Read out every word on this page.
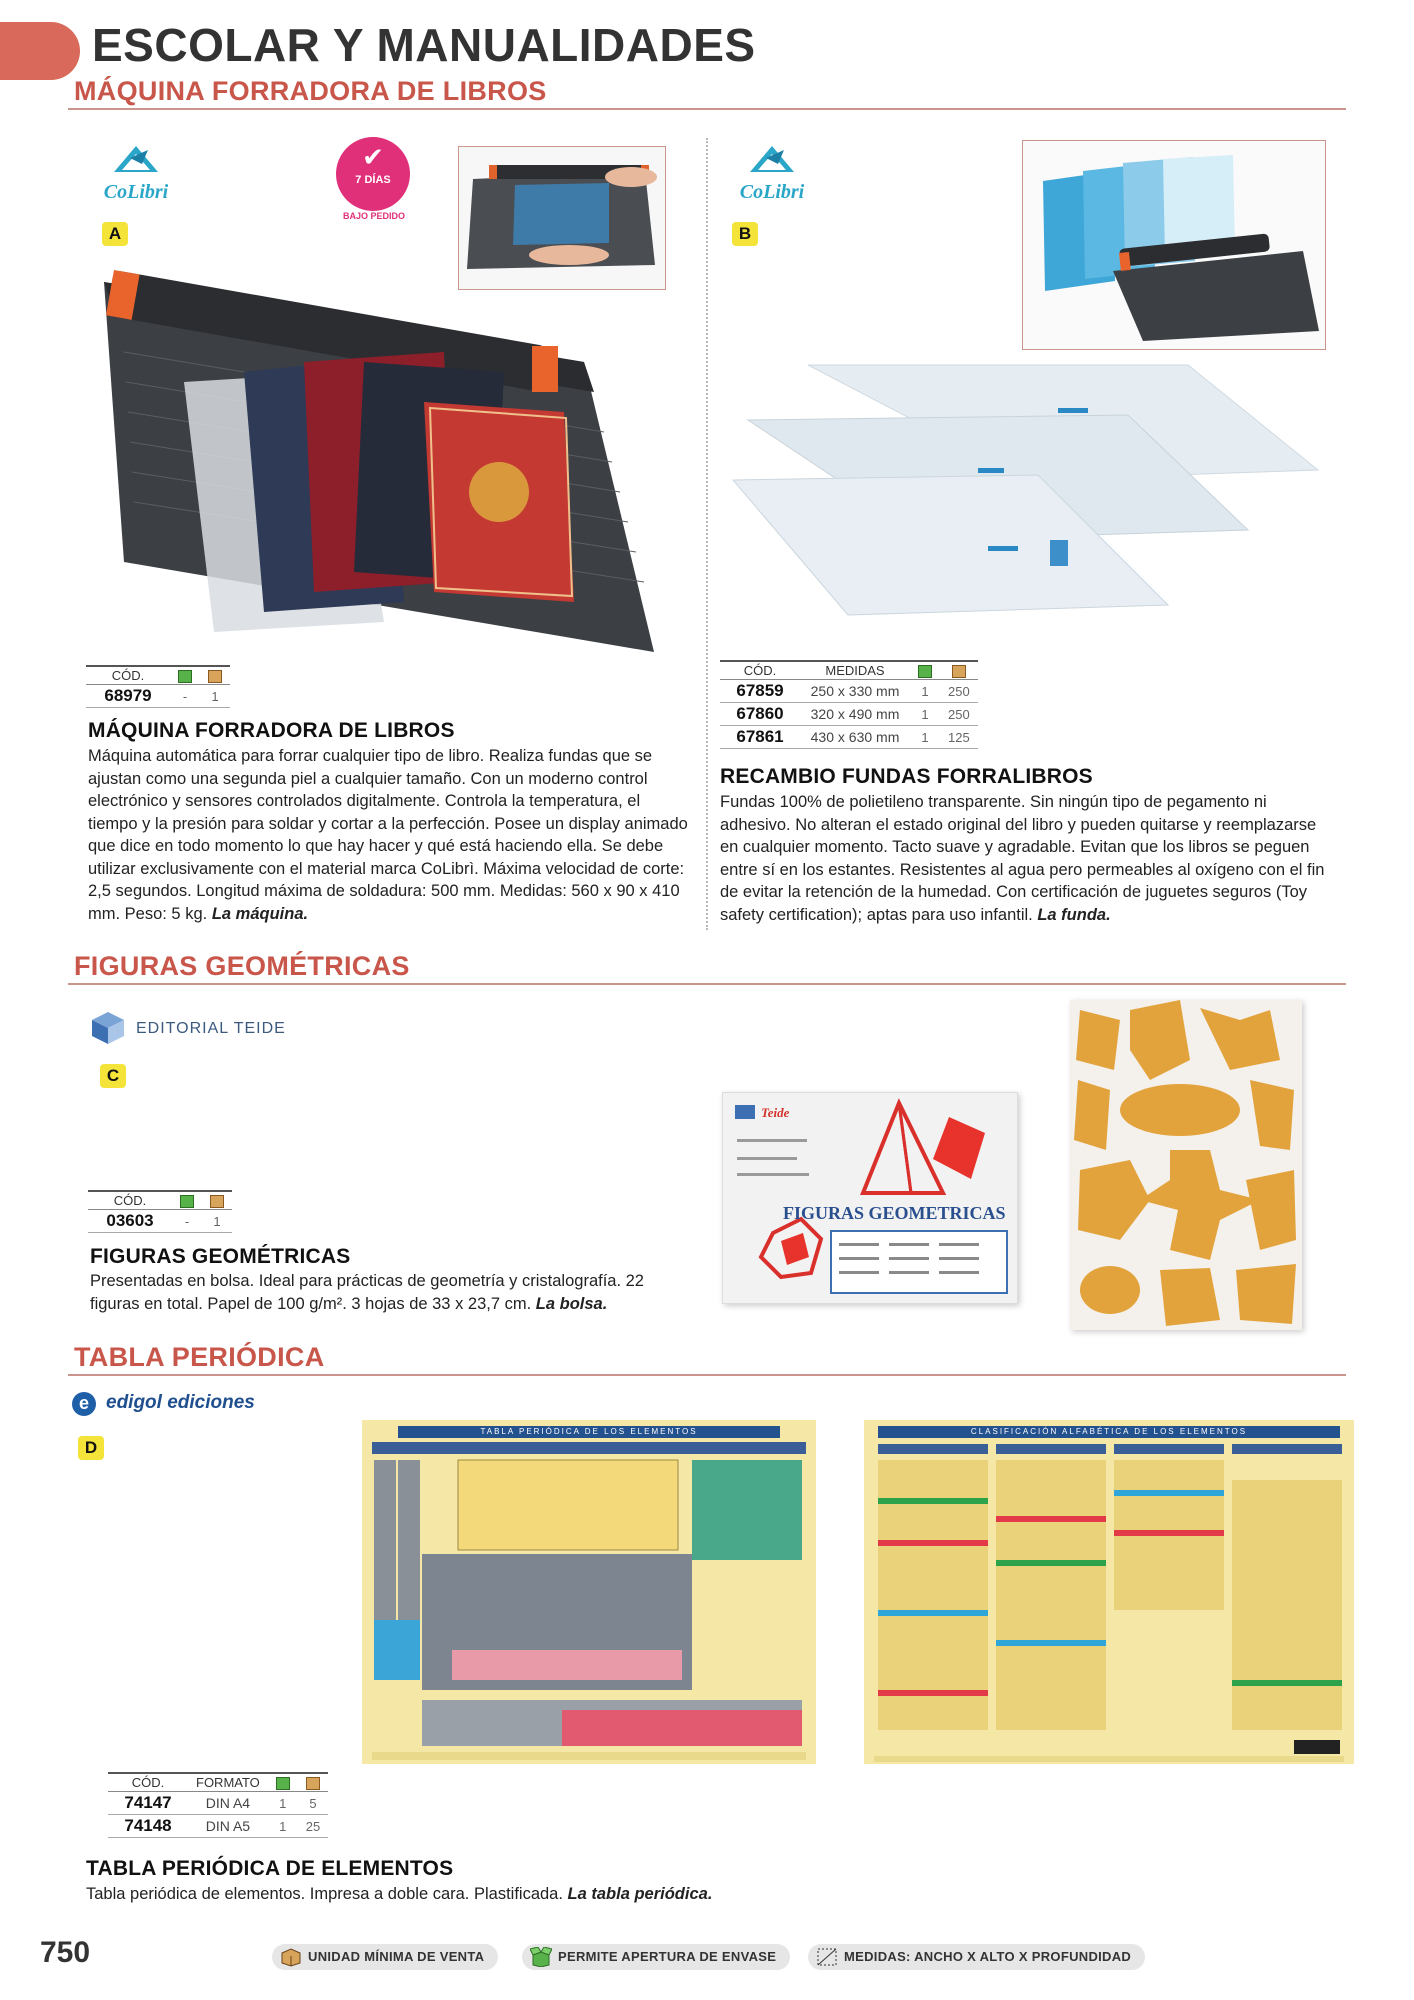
ESCOLAR Y MANUALIDADES
MÁQUINA FORRADORA DE LIBROS
CoLibri
A
✔
7 DÍAS
BAJO PEDIDO
CÓD.		
68979	-	1
MÁQUINA FORRADORA DE LIBROS
Máquina automática para forrar cualquier tipo de libro. Realiza fundas que se ajustan como una segunda piel a cualquier tamaño. Con un moderno control electrónico y sensores controlados digitalmente. Controla la temperatura, el tiempo y la presión para soldar y cortar a la perfección. Posee un display animado que dice en todo momento lo que hay hacer y qué está haciendo ella. Se debe utilizar exclusivamente con el material marca CoLibrì. Máxima velocidad de corte: 2,5 segundos. Longitud máxima de soldadura: 500 mm. Medidas: 560 x 90 x 410 mm. Peso: 5 kg. La máquina.
CoLibri
B
CÓD.	MEDIDAS		
67859	250 x 330 mm	1	250
67860	320 x 490 mm	1	250
67861	430 x 630 mm	1	125
RECAMBIO FUNDAS FORRALIBROS
Fundas 100% de polietileno transparente. Sin ningún tipo de pegamento ni adhesivo. No alteran el estado original del libro y pueden quitarse y reemplazarse en cualquier momento. Tacto suave y agradable. Evitan que los libros se peguen entre sí en los estantes. Resistentes al agua pero permeables al oxígeno con el fin de evitar la retención de la humedad. Con certificación de juguetes seguros (Toy safety certification); aptas para uso infantil. La funda.
FIGURAS GEOMÉTRICAS
EDITORIAL TEIDE
C
CÓD.		
03603	-	1
FIGURAS GEOMÉTRICAS
Presentadas en bolsa. Ideal para prácticas de geometría y cristalografía. 22 figuras en total. Papel de 100 g/m². 3 hojas de 33 x 23,7 cm. La bolsa.
Teide
FIGURAS GEOMETRICAS
TABLA PERIÓDICA
e edigol ediciones
D
TABLA PERIÓDICA DE LOS ELEMENTOS	CLASIFICACIÓN ALFABÉTICA DE LOS ELEMENTOS
CÓD.	FORMATO		
74147	DIN A4	1	5
74148	DIN A5	1	25
TABLA PERIÓDICA DE ELEMENTOS
Tabla periódica de elementos. Impresa a doble cara. Plastificada. La tabla periódica.
750	UNIDAD MÍNIMA DE VENTA	PERMITE APERTURA DE ENVASE	MEDIDAS: ANCHO X ALTO X PROFUNDIDAD
